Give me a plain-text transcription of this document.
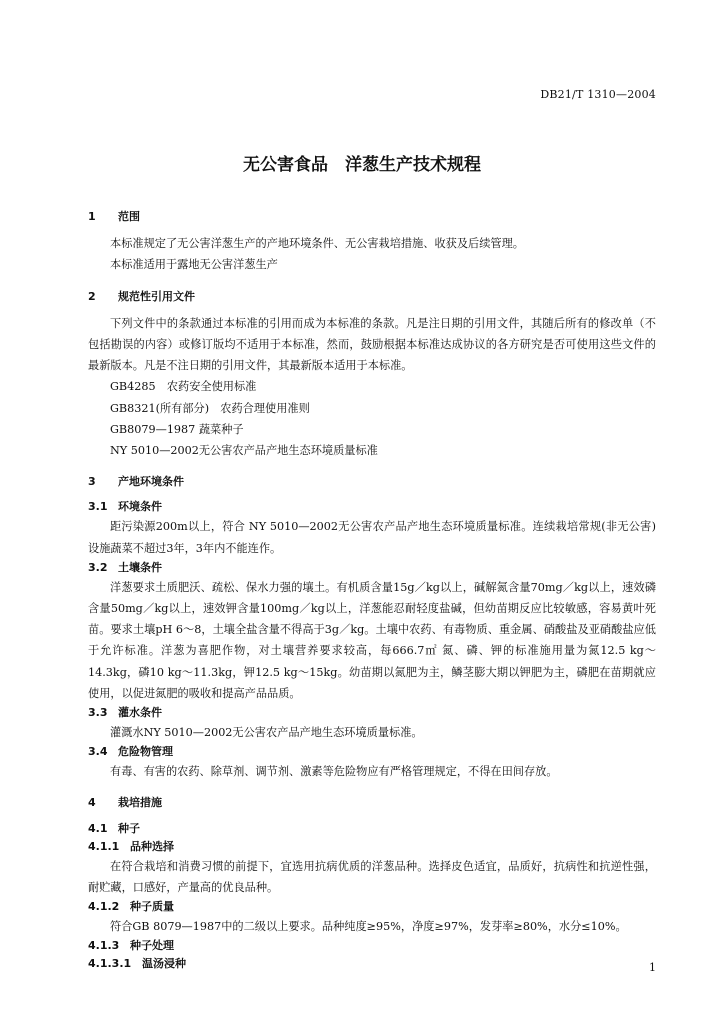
DB21/T 1310—2004
无公害食品　洋葱生产技术规程
1 范围
本标准规定了无公害洋葱生产的产地环境条件、无公害栽培措施、收获及后续管理。
本标准适用于露地无公害洋葱生产
2 规范性引用文件
下列文件中的条款通过本标准的引用而成为本标准的条款。凡是注日期的引用文件，其随后所有的修改单（不包括勘误的内容）或修订版均不适用于本标准，然而，鼓励根据本标准达成协议的各方研究是否可使用这些文件的最新版本。凡是不注日期的引用文件，其最新版本适用于本标准。
GB4285　农药安全使用标准
GB8321(所有部分)　农药合理使用准则
GB8079—1987 蔬菜种子
NY 5010—2002无公害农产品产地生态环境质量标准
3 产地环境条件
3.1 环境条件
距污染源200m以上，符合 NY 5010—2002无公害农产品产地生态环境质量标准。连续栽培常规(非无公害)设施蔬菜不超过3年，3年内不能连作。
3.2 土壤条件
洋葱要求土质肥沃、疏松、保水力强的壤土。有机质含量15g／kg以上，碱解氮含量70mg／kg以上，速效磷含量50mg／kg以上，速效钾含量100mg／kg以上，洋葱能忍耐轻度盐碱，但幼苗期反应比较敏感，容易黄叶死苗。要求土壤pH 6～8，土壤全盐含量不得高于3g／kg。土壤中农药、有毒物质、重金属、硝酸盐及亚硝酸盐应低于允许标准。洋葱为喜肥作物，对土壤营养要求较高，每666.7㎡ 氮、磷、钾的标准施用量为氮12.5 kg～14.3kg，磷10 kg～11.3kg，钾12.5 kg～15kg。幼苗期以氮肥为主，鳞茎膨大期以钾肥为主，磷肥在苗期就应使用，以促进氮肥的吸收和提高产品品质。
3.3 灌水条件
灌溉水NY 5010—2002无公害农产品产地生态环境质量标准。
3.4 危险物管理
有毒、有害的农药、除草剂、调节剂、激素等危险物应有严格管理规定，不得在田间存放。
4 栽培措施
4.1 种子
4.1.1 品种选择
在符合栽培和消费习惯的前提下，宜选用抗病优质的洋葱品种。选择皮色适宜，品质好，抗病性和抗逆性强，耐贮藏，口感好，产量高的优良品种。
4.1.2 种子质量
符合GB 8079—1987中的二级以上要求。品种纯度≥95%，净度≥97%，发芽率≥80%，水分≤10%。
4.1.3 种子处理
4.1.3.1 温汤浸种	1
